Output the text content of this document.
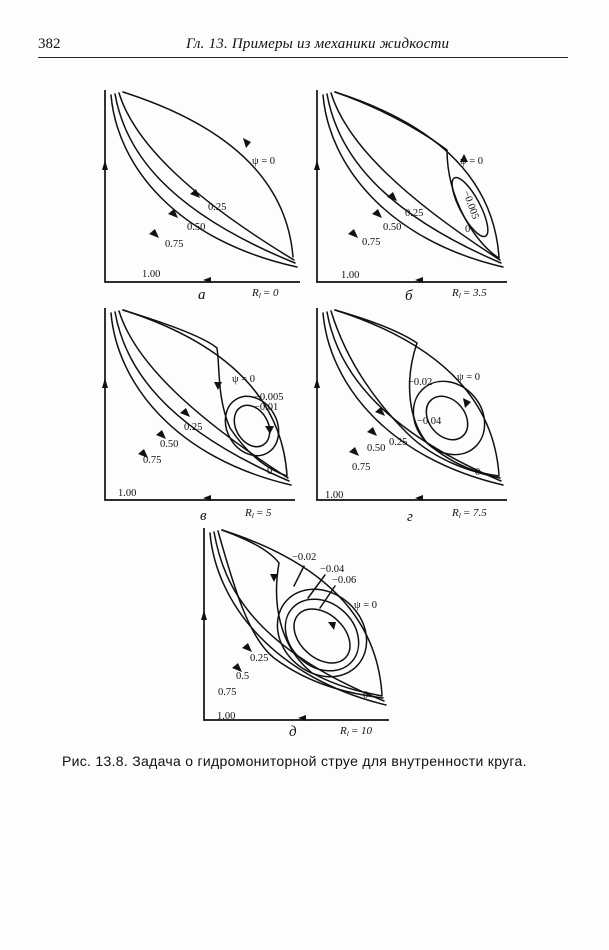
382	Гл. 13. Примеры из механики жидкости
ψ = 0
0.25
0.50
0.75
1.00
а	Rl = 0
ψ = 0
−0.005
0
0.25
0.50
0.75
1.00
б	Rl = 3.5
ψ = 0
−0.005
−0.01
0
0.25
0.50
0.75
1.00
в	Rl = 5
ψ = 0
−0.02
−0.04
0
0.25
0.50
0.75
1.00
г	Rl = 7.5
−0.02
−0.04
−0.06
ψ = 0
0
0.25
0.5
0.75
1.00
д	Rl = 10
Рис. 13.8. Задача о гидромониторной струе для внутренности круга.
